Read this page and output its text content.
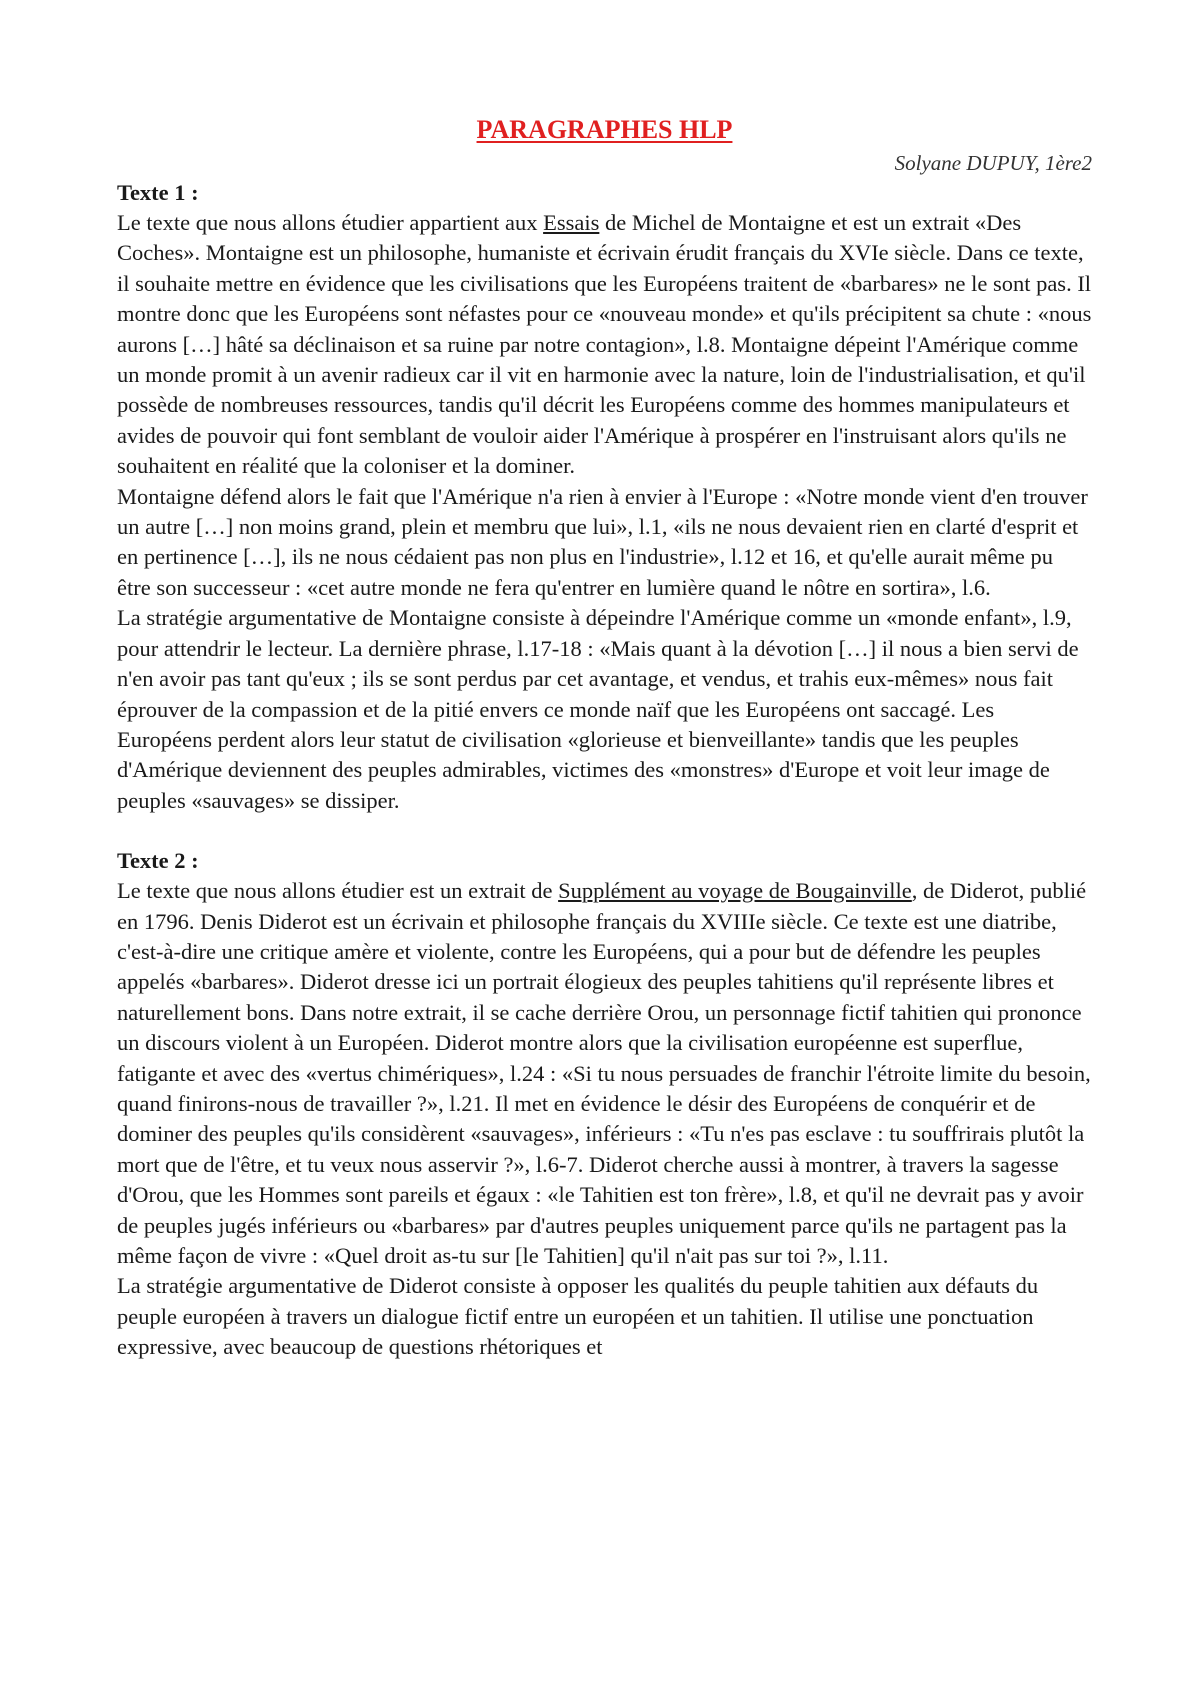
PARAGRAPHES HLP

Solyane DUPUY, 1ère2

Texte 1 :

Le texte que nous allons étudier appartient aux Essais de Michel de Montaigne et est un extrait «Des Coches». Montaigne est un philosophe, humaniste et écrivain érudit français du XVIe siècle. Dans ce texte, il souhaite mettre en évidence que les civilisations que les Européens traitent de «barbares» ne le sont pas. Il montre donc que les Européens sont néfastes pour ce «nouveau monde» et qu'ils précipitent sa chute : «nous aurons […] hâté sa déclinaison et sa ruine par notre contagion», l.8. Montaigne dépeint l'Amérique comme un monde promit à un avenir radieux car il vit en harmonie avec la nature, loin de l'industrialisation, et qu'il possède de nombreuses ressources, tandis qu'il décrit les Européens comme des hommes manipulateurs et avides de pouvoir qui font semblant de vouloir aider l'Amérique à prospérer en l'instruisant alors qu'ils ne souhaitent en réalité que la coloniser et la dominer.

Montaigne défend alors le fait que l'Amérique n'a rien à envier à l'Europe : «Notre monde vient d'en trouver un autre […] non moins grand, plein et membru que lui», l.1, «ils ne nous devaient rien en clarté d'esprit et en pertinence […], ils ne nous cédaient pas non plus en l'industrie», l.12 et 16, et qu'elle aurait même pu être son successeur : «cet autre monde ne fera qu'entrer en lumière quand le nôtre en sortira», l.6.

La stratégie argumentative de Montaigne consiste à dépeindre l'Amérique comme un «monde enfant», l.9, pour attendrir le lecteur. La dernière phrase, l.17-18 : «Mais quant à la dévotion […] il nous a bien servi de n'en avoir pas tant qu'eux ; ils se sont perdus par cet avantage, et vendus, et trahis eux-mêmes» nous fait éprouver de la compassion et de la pitié envers ce monde naïf que les Européens ont saccagé. Les Européens perdent alors leur statut de civilisation «glorieuse et bienveillante» tandis que les peuples d'Amérique deviennent des peuples admirables, victimes des «monstres» d'Europe et voit leur image de peuples «sauvages» se dissiper.

Texte 2 :

Le texte que nous allons étudier est un extrait de Supplément au voyage de Bougainville, de Diderot, publié en 1796. Denis Diderot est un écrivain et philosophe français du XVIIIe siècle. Ce texte est une diatribe, c'est-à-dire une critique amère et violente, contre les Européens, qui a pour but de défendre les peuples appelés «barbares». Diderot dresse ici un portrait élogieux des peuples tahitiens qu'il représente libres et naturellement bons. Dans notre extrait, il se cache derrière Orou, un personnage fictif tahitien qui prononce un discours violent à un Européen. Diderot montre alors que la civilisation européenne est superflue, fatigante et avec des «vertus chimériques», l.24 : «Si tu nous persuades de franchir l'étroite limite du besoin, quand finirons-nous de travailler ?», l.21. Il met en évidence le désir des Européens de conquérir et de dominer des peuples qu'ils considèrent «sauvages», inférieurs : «Tu n'es pas esclave : tu souffrirais plutôt la mort que de l'être, et tu veux nous asservir ?», l.6-7. Diderot cherche aussi à montrer, à travers la sagesse d'Orou, que les Hommes sont pareils et égaux : «le Tahitien est ton frère», l.8, et qu'il ne devrait pas y avoir de peuples jugés inférieurs ou «barbares» par d'autres peuples uniquement parce qu'ils ne partagent pas la même façon de vivre : «Quel droit as-tu sur [le Tahitien] qu'il n'ait pas sur toi ?», l.11.

La stratégie argumentative de Diderot consiste à opposer les qualités du peuple tahitien aux défauts du peuple européen à travers un dialogue fictif entre un européen et un tahitien. Il utilise une ponctuation expressive, avec beaucoup de questions rhétoriques et
